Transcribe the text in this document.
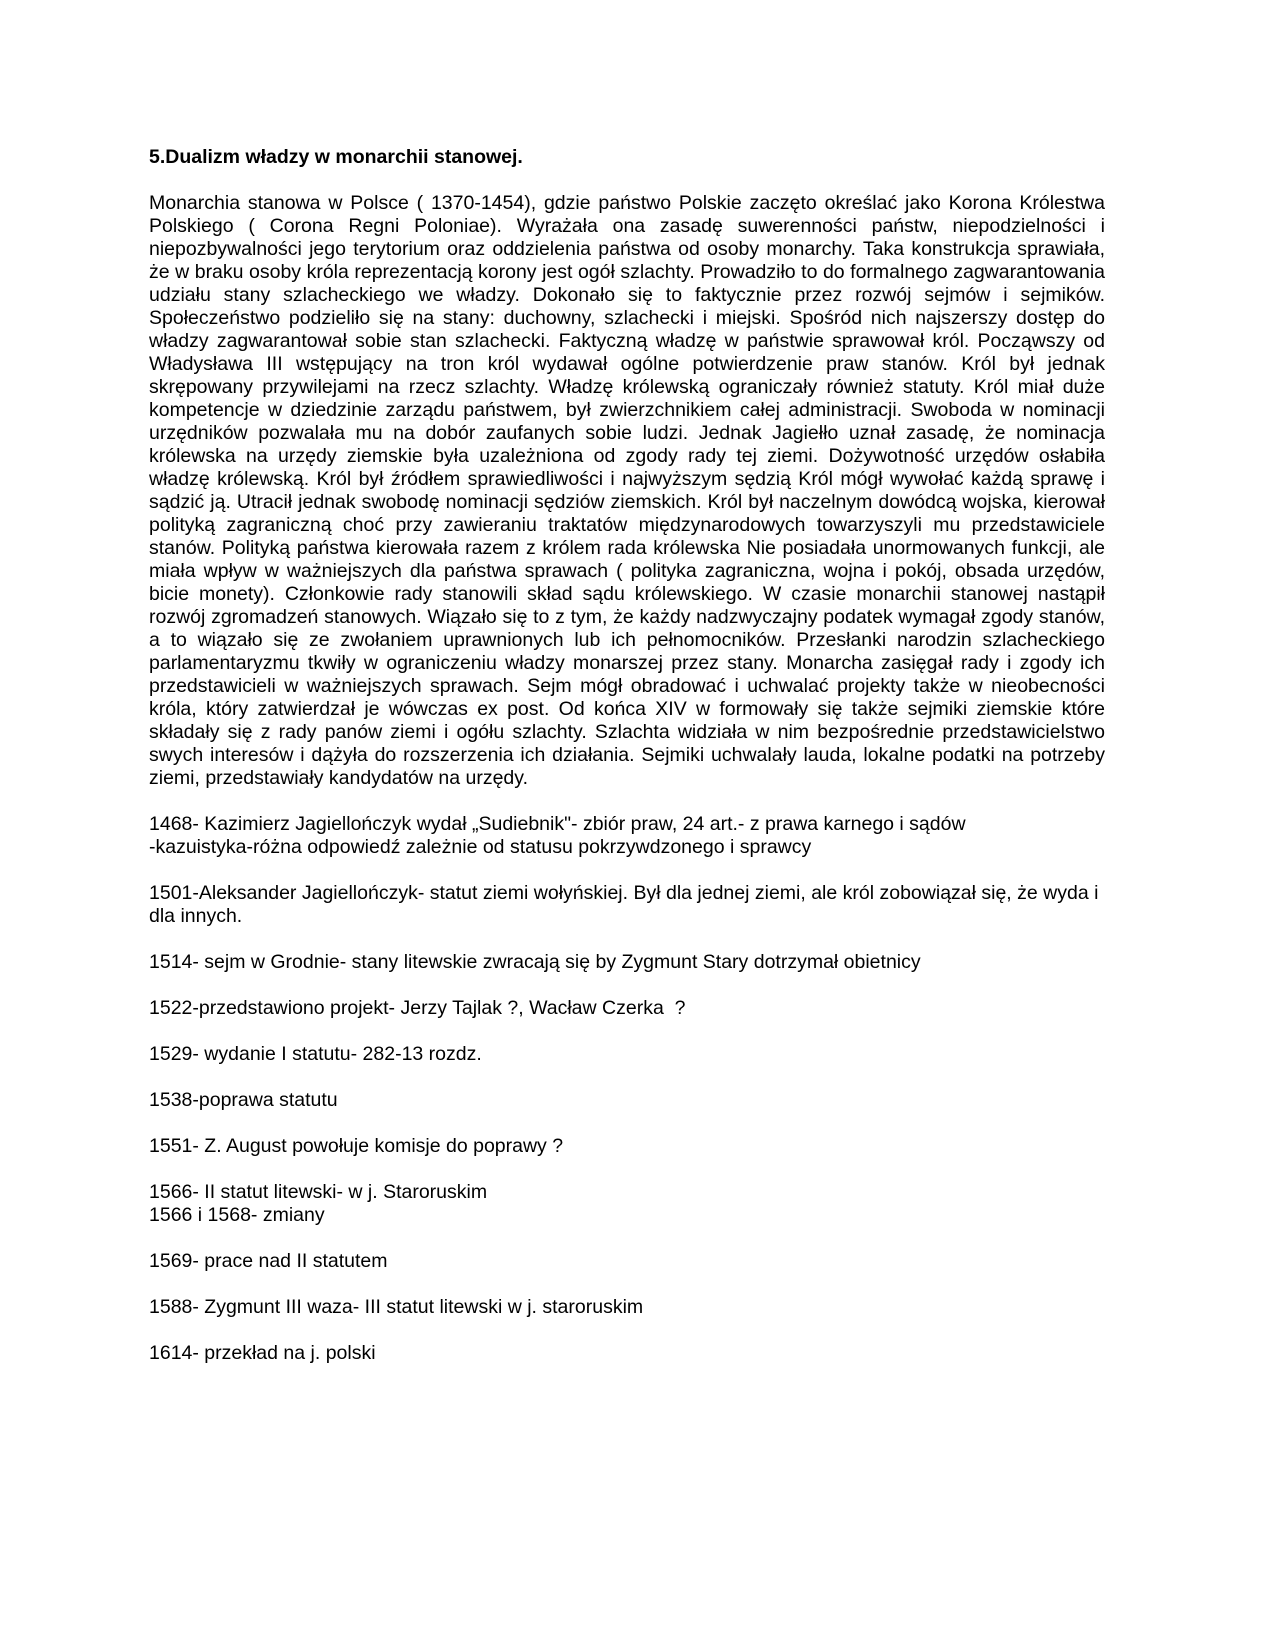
5.Dualizm władzy w monarchii stanowej.

Monarchia stanowa w Polsce ( 1370-1454), gdzie państwo Polskie zaczęto określać jako Korona Królestwa Polskiego ( Corona Regni Poloniae). Wyrażała ona zasadę suwerenności państw, niepodzielności i niepozbywalności jego terytorium oraz oddzielenia państwa od osoby monarchy. Taka konstrukcja sprawiała, że w braku osoby króla reprezentacją korony jest ogół szlachty. Prowadziło to do formalnego zagwarantowania udziału stany szlacheckiego we władzy. Dokonało się to faktycznie przez rozwój sejmów i sejmików. Społeczeństwo podzieliło się na stany: duchowny, szlachecki i miejski. Spośród nich najszerszy dostęp do władzy zagwarantował sobie stan szlachecki. Faktyczną władzę w państwie sprawował król. Począwszy od Władysława III wstępujący na tron król wydawał ogólne potwierdzenie praw stanów. Król był jednak skrępowany przywilejami na rzecz szlachty. Władzę królewską ograniczały również statuty. Król miał duże kompetencje w dziedzinie zarządu państwem, był zwierzchnikiem całej administracji. Swoboda w nominacji urzędników pozwalała mu na dobór zaufanych sobie ludzi. Jednak Jagiełło uznał zasadę, że nominacja królewska na urzędy ziemskie była uzależniona od zgody rady tej ziemi. Dożywotność urzędów osłabiła władzę królewską. Król był źródłem sprawiedliwości i najwyższym sędzią Król mógł wywołać każdą sprawę i sądzić ją. Utracił jednak swobodę nominacji sędziów ziemskich. Król był naczelnym dowódcą wojska, kierował polityką zagraniczną choć przy zawieraniu traktatów międzynarodowych towarzyszyli mu przedstawiciele stanów. Polityką państwa kierowała razem z królem rada królewska Nie posiadała unormowanych funkcji, ale miała wpływ w ważniejszych dla państwa sprawach ( polityka zagraniczna, wojna i pokój, obsada urzędów, bicie monety). Członkowie rady stanowili skład sądu królewskiego. W czasie monarchii stanowej nastąpił rozwój zgromadzeń stanowych. Wiązało się to z tym, że każdy nadzwyczajny podatek wymagał zgody stanów, a to wiązało się ze zwołaniem uprawnionych lub ich pełnomocników. Przesłanki narodzin szlacheckiego parlamentaryzmu tkwiły w ograniczeniu władzy monarszej przez stany. Monarcha zasięgał rady i zgody ich przedstawicieli w ważniejszych sprawach. Sejm mógł obradować i uchwalać projekty także w nieobecności króla, który zatwierdzał je wówczas ex post. Od końca XIV w formowały się także sejmiki ziemskie które składały się z rady panów ziemi i ogółu szlachty. Szlachta widziała w nim bezpośrednie przedstawicielstwo swych interesów i dążyła do rozszerzenia ich działania. Sejmiki uchwalały lauda, lokalne podatki na potrzeby ziemi, przedstawiały kandydatów na urzędy.

1468- Kazimierz Jagiellończyk wydał „Sudiebnik"- zbiór praw, 24 art.- z prawa karnego i sądów
-kazuistyka-różna odpowiedź zależnie od statusu pokrzywdzonego i sprawcy
1501-Aleksander Jagiellończyk- statut ziemi wołyńskiej. Był dla jednej ziemi, ale król zobowiązał się, że wyda i dla innych.
1514- sejm w Grodnie- stany litewskie zwracają się by Zygmunt Stary dotrzymał obietnicy
1522-przedstawiono projekt- Jerzy Tajlak ?, Wacław Czerka  ?
1529- wydanie I statutu- 282-13 rozdz.
1538-poprawa statutu
1551- Z. August powołuje komisje do poprawy ?
1566- II statut litewski- w j. Staroruskim
1566 i 1568- zmiany
1569- prace nad II statutem
1588- Zygmunt III waza- III statut litewski w j. staroruskim
1614- przekład na j. polski
